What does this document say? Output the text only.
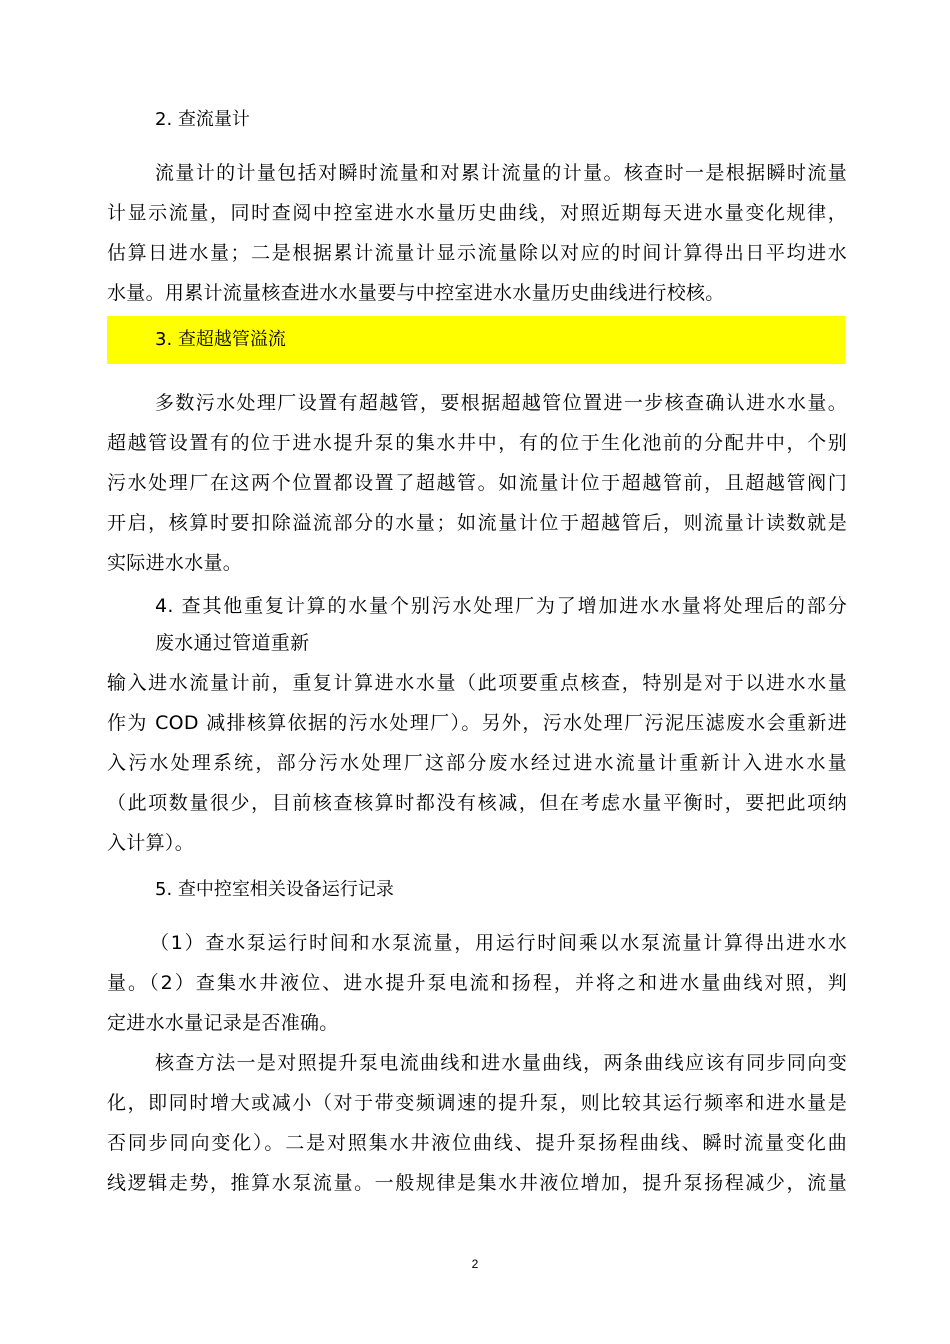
2. 查流量计
流量计的计量包括对瞬时流量和对累计流量的计量。核查时一是根据瞬时流量
计显示流量，同时查阅中控室进水水量历史曲线，对照近期每天进水量变化规律，
估算日进水量；二是根据累计流量计显示流量除以对应的时间计算得出日平均进水
水量。用累计流量核查进水水量要与中控室进水水量历史曲线进行校核。
3. 查超越管溢流
多数污水处理厂设置有超越管，要根据超越管位置进一步核查确认进水水量。
超越管设置有的位于进水提升泵的集水井中，有的位于生化池前的分配井中，个别
污水处理厂在这两个位置都设置了超越管。如流量计位于超越管前，且超越管阀门
开启，核算时要扣除溢流部分的水量；如流量计位于超越管后，则流量计读数就是
实际进水水量。
4. 查其他重复计算的水量个别污水处理厂为了增加进水水量将处理后的部分
废水通过管道重新
输入进水流量计前，重复计算进水水量（此项要重点核查，特别是对于以进水水量
作为 COD 减排核算依据的污水处理厂）。另外，污水处理厂污泥压滤废水会重新进
入污水处理系统，部分污水处理厂这部分废水经过进水流量计重新计入进水水量
（此项数量很少，目前核查核算时都没有核减，但在考虑水量平衡时，要把此项纳
入计算）。
5. 查中控室相关设备运行记录
（1）查水泵运行时间和水泵流量，用运行时间乘以水泵流量计算得出进水水
量。（2）查集水井液位、进水提升泵电流和扬程，并将之和进水量曲线对照，判
定进水水量记录是否准确。
核查方法一是对照提升泵电流曲线和进水量曲线，两条曲线应该有同步同向变
化，即同时增大或减小（对于带变频调速的提升泵，则比较其运行频率和进水量是
否同步同向变化）。二是对照集水井液位曲线、提升泵扬程曲线、瞬时流量变化曲
线逻辑走势，推算水泵流量。一般规律是集水井液位增加，提升泵扬程减少，流量
2
